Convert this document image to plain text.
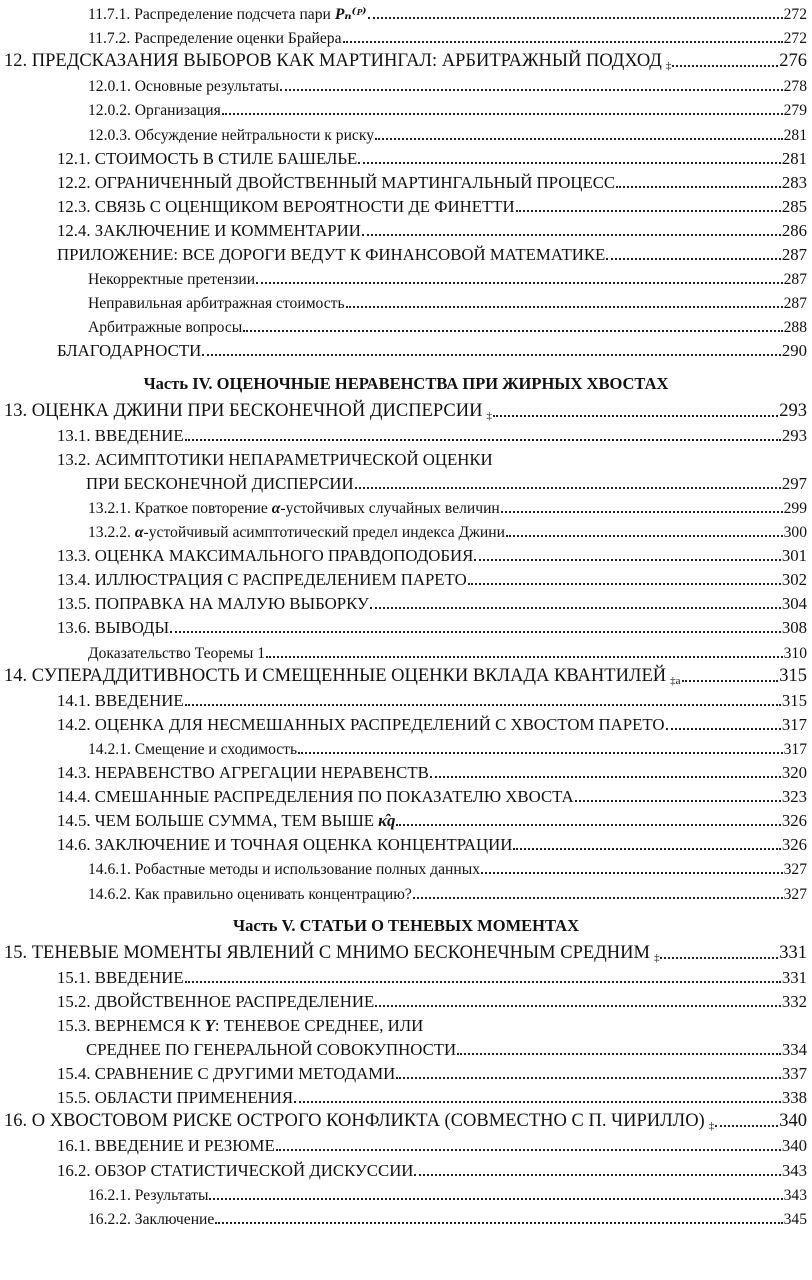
11.7.1. Распределение подсчета пари Pₙ⁽ᴾ⁾	272
11.7.2. Распределение оценки Брайера	272
12. ПРЕДСКАЗАНИЯ ВЫБОРОВ КАК МАРТИНГАЛ: АРБИТРАЖНЫЙ ПОДХОД ‡	276
12.0.1. Основные результаты	278
12.0.2. Организация	279
12.0.3. Обсуждение нейтральности к риску	281
12.1. СТОИМОСТЬ В СТИЛЕ БАШЕЛЬЕ	281
12.2. ОГРАНИЧЕННЫЙ ДВОЙСТВЕННЫЙ МАРТИНГАЛЬНЫЙ ПРОЦЕСС	283
12.3. СВЯЗЬ С ОЦЕНЩИКОМ ВЕРОЯТНОСТИ ДЕ ФИНЕТТИ	285
12.4. ЗАКЛЮЧЕНИЕ И КОММЕНТАРИИ	286
ПРИЛОЖЕНИЕ: ВСЕ ДОРОГИ ВЕДУТ К ФИНАНСОВОЙ МАТЕМАТИКЕ	287
Некорректные претензии	287
Неправильная арбитражная стоимость	287
Арбитражные вопросы	288
БЛАГОДАРНОСТИ	290
Часть IV. ОЦЕНОЧНЫЕ НЕРАВЕНСТВА ПРИ ЖИРНЫХ ХВОСТАХ
13. ОЦЕНКА ДЖИНИ ПРИ БЕСКОНЕЧНОЙ ДИСПЕРСИИ ‡	293
13.1. ВВЕДЕНИЕ	293
13.2. АСИМПТОТИКИ НЕПАРАМЕТРИЧЕСКОЙ ОЦЕНКИ
ПРИ БЕСКОНЕЧНОЙ ДИСПЕРСИИ	297
13.2.1. Краткое повторение α -устойчивых случайных величин	299
13.2.2. α -устойчивый асимптотический предел индекса Джини	300
13.3. ОЦЕНКА МАКСИМАЛЬНОГО ПРАВДОПОДОБИЯ	301
13.4. ИЛЛЮСТРАЦИЯ С РАСПРЕДЕЛЕНИЕМ ПАРЕТО	302
13.5. ПОПРАВКА НА МАЛУЮ ВЫБОРКУ	304
13.6. ВЫВОДЫ	308
Доказательство Теоремы 1	310
14. СУПЕРАДДИТИВНОСТЬ И СМЕЩЕННЫЕ ОЦЕНКИ ВКЛАДА КВАНТИЛЕЙ ‡a	315
14.1. ВВЕДЕНИЕ	315
14.2. ОЦЕНКА ДЛЯ НЕСМЕШАННЫХ РАСПРЕДЕЛЕНИЙ С ХВОСТОМ ПАРЕТО	317
14.2.1. Смещение и сходимость	317
14.3. НЕРАВЕНСТВО АГРЕГАЦИИ НЕРАВЕНСТВ	320
14.4. СМЕШАННЫЕ РАСПРЕДЕЛЕНИЯ ПО ПОКАЗАТЕЛЮ ХВОСТА	323
14.5. ЧЕМ БОЛЬШЕ СУММА, ТЕМ ВЫШЕ κ̂q	326
14.6. ЗАКЛЮЧЕНИЕ И ТОЧНАЯ ОЦЕНКА КОНЦЕНТРАЦИИ	326
14.6.1. Робастные методы и использование полных данных	327
14.6.2. Как правильно оценивать концентрацию?	327
Часть V. СТАТЬИ О ТЕНЕВЫХ МОМЕНТАХ
15. ТЕНЕВЫЕ МОМЕНТЫ ЯВЛЕНИЙ С МНИМО БЕСКОНЕЧНЫМ СРЕДНИМ ‡	331
15.1. ВВЕДЕНИЕ	331
15.2. ДВОЙСТВЕННОЕ РАСПРЕДЕЛЕНИЕ	332
15.3. ВЕРНЕМСЯ К Y : ТЕНЕВОЕ СРЕДНЕЕ, ИЛИ
СРЕДНЕЕ ПО ГЕНЕРАЛЬНОЙ СОВОКУПНОСТИ	334
15.4. СРАВНЕНИЕ С ДРУГИМИ МЕТОДАМИ	337
15.5. ОБЛАСТИ ПРИМЕНЕНИЯ	338
16. О ХВОСТОВОМ РИСКЕ ОСТРОГО КОНФЛИКТА (СОВМЕСТНО С П. ЧИРИЛЛО) ‡	340
16.1. ВВЕДЕНИЕ И РЕЗЮМЕ	340
16.2. ОБЗОР СТАТИСТИЧЕСКОЙ ДИСКУССИИ	343
16.2.1. Результаты	343
16.2.2. Заключение	345
